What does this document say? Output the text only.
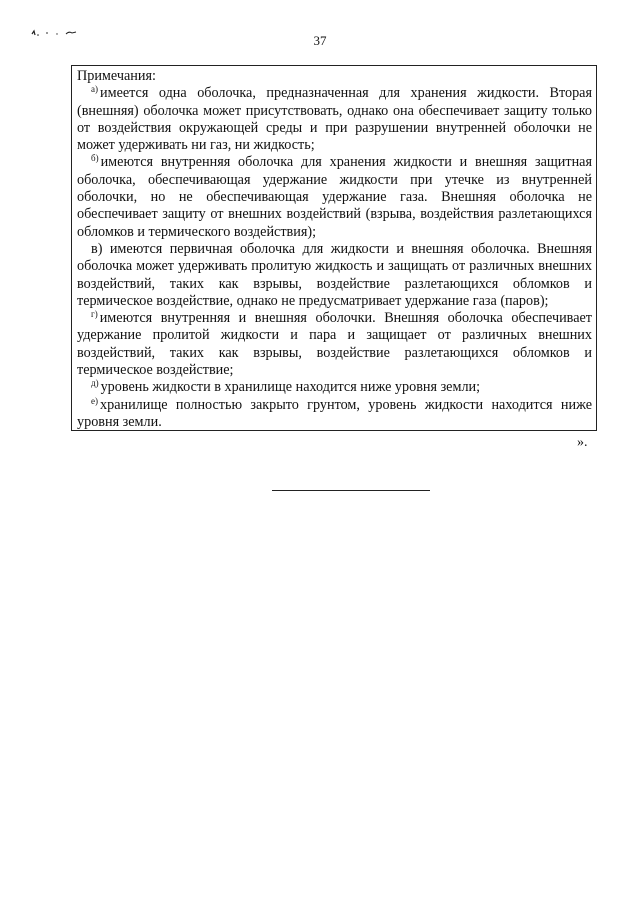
37
Примечания:

$^{а)}$ имеется одна оболочка, предназначенная для хранения жидкости. Вторая (внешняя) оболочка может присутствовать, однако она обеспечивает защиту только от воздействия окружающей среды и при разрушении внутренней оболочки не может удерживать ни газ, ни жидкость;

$^{б)}$ имеются внутренняя оболочка для хранения жидкости и внешняя защитная оболочка, обеспечивающая удержание жидкости при утечке из внутренней оболочки, но не обеспечивающая удержание газа. Внешняя оболочка не обеспечивает защиту от внешних воздействий (взрыва, воздействия разлетающихся обломков и термического воздействия);

в) имеются первичная оболочка для жидкости и внешняя оболочка. Внешняя оболочка может удерживать пролитую жидкость и защищать от различных внешних воздействий, таких как взрывы, воздействие разлетающихся обломков и термическое воздействие, однако не предусматривает удержание газа (паров);

$^{г)}$ имеются внутренняя и внешняя оболочки. Внешняя оболочка обеспечивает удержание пролитой жидкости и пара и защищает от различных внешних воздействий, таких как взрывы, воздействие разлетающихся обломков и термическое воздействие;

$^{д)}$ уровень жидкости в хранилище находится ниже уровня земли;

$^{е)}$ хранилище полностью закрыто грунтом, уровень жидкости находится ниже уровня земли.

».
